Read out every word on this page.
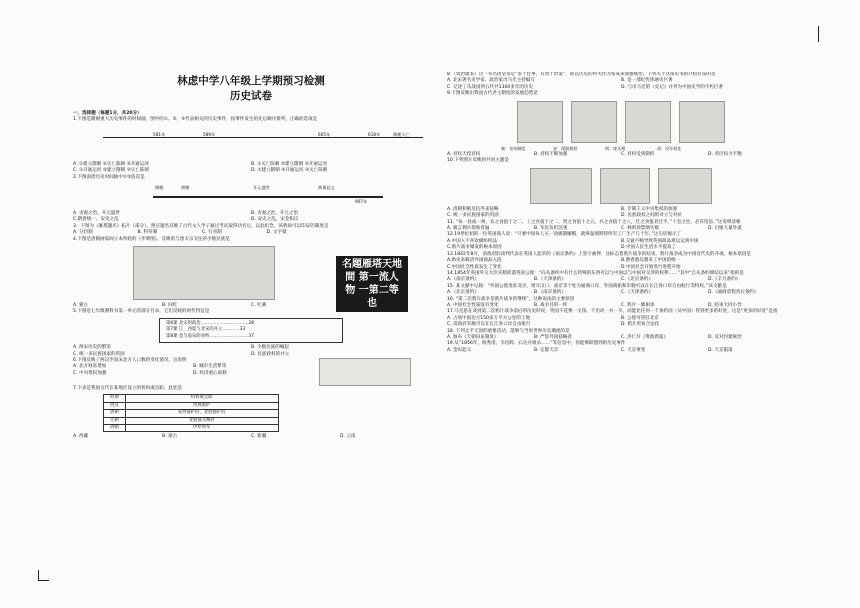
林虑中学八年级上学期预习检测
历史试卷
一、选择题（每题1分，共20分）
1.下图是隋朝重大历史事件的时间轴，图中的①、②、③代表相关的历史事件，按事件发生的先后顺序排列，正确的选项是
581年	589年	605年	618年	隋朝灭亡
A. ①建立隋朝 ②灭亡陈朝 ③开通运河	B. ①灭亡陈朝 ②建立隋朝 ③开通运河
C. ①开通运河 ②建立隋朝 ③灭亡陈朝	D. ①建立隋朝 ②开通运河 ③灭亡陈朝
2.下图南唐历史时间轴中①②依次是
隋朝	唐朝	开元盛世	黄巢起义
907年
A. 贞观之治、开元盛世	B. 贞观之治、开元之治
C.隋唐统一、安史之乱	D. 安史之乱、宋金和议
3．下图为《雁塔题名》拓片（部分），照应题名反映了古代文人学子通过考试取得功名后，以此纪念。该典故可以印证的制度是
A. 分封制	B. 科举制	C. 行省制	D. 文字狱
4.下图是唐朝画家阎立本所绘的《步辇图》，反映的与唐太宗交往的少数民族是
A. 蒙古	B. 回纥	C. 吐蕃
5.下图是七年级教科书第一单元的部分目录，它们反映的时代特征是
第6课 北宋的政治……………………………28
第7课 辽、西夏与北宋的并立…………33
第8课 金与南宋的对峙………………………37
A. 两宋历史的繁荣	B. 少数民族的崛起
C. 统一多民族国家的巩固	D. 民族政权的并立
6.下图反映了两汉至南宋北方人口数的变化情况，这说明
A. 北方财富增加	B. 城市生活繁荣
C. 中央集权加强	D. 经济重心南移
7.下表是我国古代在某地区设立的机构或官职，此处是
时期	机构或官职
西汉	西域都护
唐朝	安西都护府、北庭都护府
元朝	北庭都元帅府
清朝	伊犁将军
A. 西藏	B. 蒙古	C. 新疆	D. 云南
名題雁塔天地間 第一流人物 一第二等也
8.《资治通鉴》这一书名由皇帝是“鉴于往事，有资于治道”，即以历史的得失作为鉴戒来加强统治。下列关于这部史书的介绍有误的是
A. 北宋著名史学家、政治家司马光主持编写	B. 是一部纪传体通史巨著
C. 记述了从战国到五代共1300多年的历史	D. 与司马迁的《史记》并列为中国史学的不朽巨著
9.下图反映出我国古代君主制度的发展趋势是
秦：皇帝制度	宋：削弱相权	明：废丞相	清：设军机处
A. 君权天授君权	B. 君权不断加强	C. 君权受到制约	D. 君臣权力平衡
10.下列图片反映的共同主题是
A. 清朝积极反抗外来侵略	B. 专制王义中央集权的加强
C. 统一多民族国家的巩固	D. 民族政权之间的对立与对抗
11. “每一县或一州，农之食值十之二，工之食值十之二，贾之食值十之五，兵之食值十之八，仕之食值者过半。”十室之邑，必有馆焉。”这说明清朝
A. 极言拥兵现象普遍	B. 军民负担沉重	C. 林则徐禁烟失败	D. 白银大量外流
12.19世纪初的一位英国商人说：“只要中国每人买一顶棉制睡帽，就够曼彻斯特所有工厂生产几十年。”这句话揭示了
A.中国人不喜欢棉纺织品	B.交通不畅导致英国商品难以运到中国
C.鸦片战争爆发的根本原因	D.中国人民生活水平提高了
13.1842年8月，清政府的谈判代表在英国人起草的《南京条约》上签字画押，这标志着鸦片战争的结束。鸦片战争成为中国近代史的开端，根本原因是
A.助史来截清外国商品入侵	B.割香港岛割来了中国的统一
C.中国社会性质发生了变化	D.中国社会开始进行进程开始
14.1854年英国外交大臣宾稍训遣英国公使：“向从条约中有什么特殊的东西可以与中国以与中国对交涉的权利……”其中“自从条约缔结以来”指的是
A.《南京条约》	B.《天津条约》	C.《北京条约》	D.《辛丑条约》
15. 某文献中记载：“外国公使进驻北京，增开汉口，南京等十处为通商口岸，外国商船和军舰可以在长江各口岸自由航行等特权。”该文献是
A.《北京条约》	B.《南京条约》	C.《天津条约》	D.《通商章程善后条约》
16. “第二次鸦片战争是鸦片战争的继续”，这种说法的主要原因
A. 中国社会性质没有变化	B. 战争目的一样	C. 鸦片一脉相承	D. 结束大同小异
17.马克思在谈到第二次鸦片战争前后的历史时说，英国不花费一文钱、不出动一兵一卒，而能比任何一个条约国（从中国）得到更多的好处，这是“更多的好处”是指
A. 占领中国北方150多万平方公里的土地	B. 公使可进驻北京
C. 清政府军舰可以在长江各口岸自由航行	D. 鸦片贸易合法化
18. 下列太平天国的重要活动，能够与当时世界历史潮流的是
A. 颁布《天朝田亩制度》	B. 严惩外国侵略者	C. 洪仁玕《资政新篇》	D. 反对封建统治
19.从“1856年，杨秀清、韦昌辉、石达开被杀……”等信息中，你能够联想到的历史事件
A. 金田起义	B. 定都天京	C. 天京事变	D. 天京陷落
